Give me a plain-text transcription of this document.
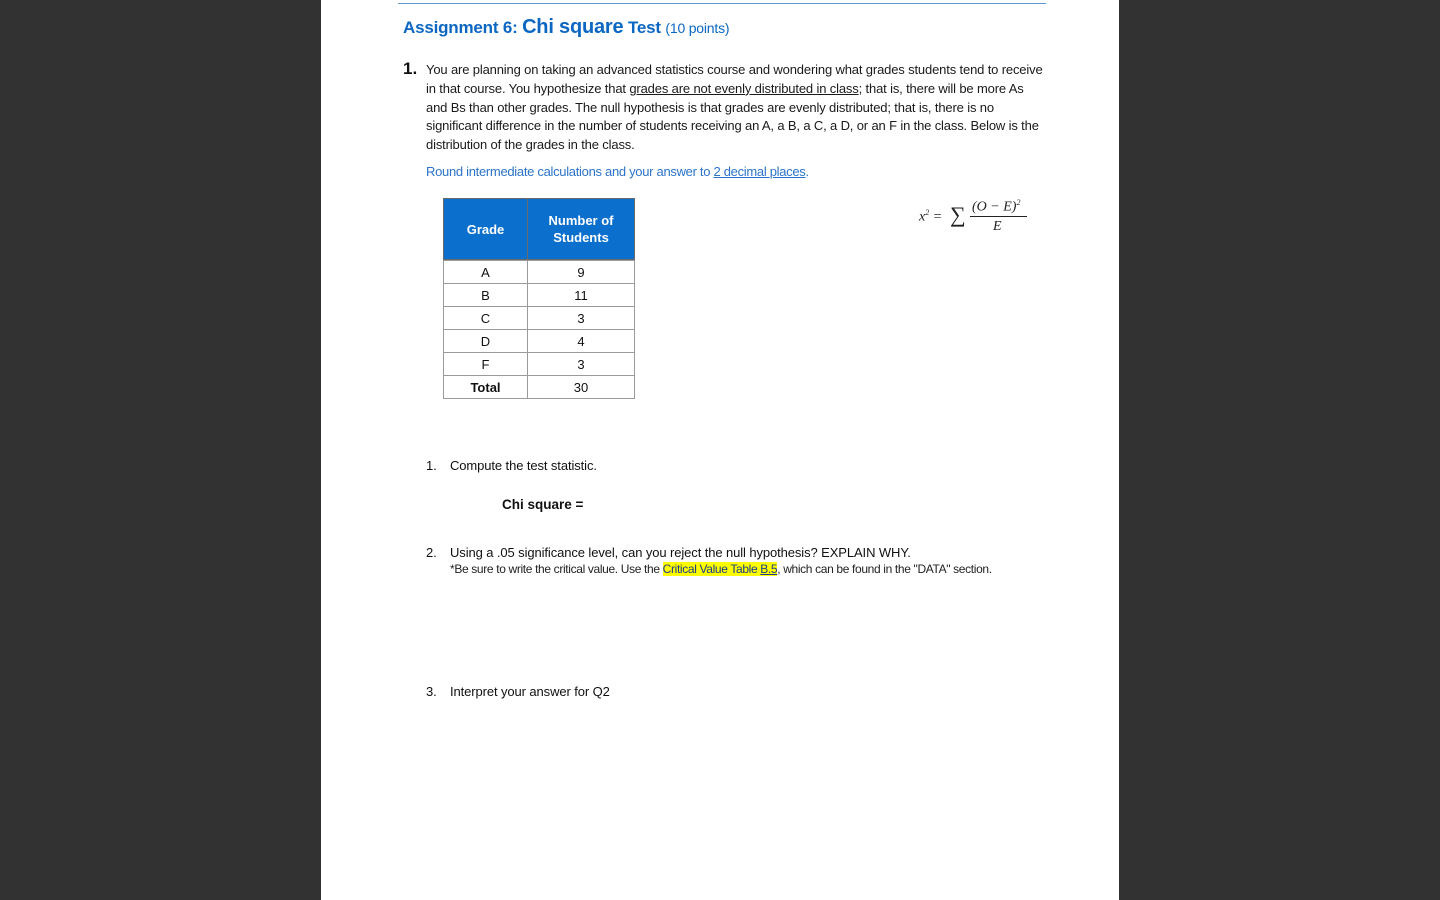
Assignment 6: Chi square Test (10 points)
1. You are planning on taking an advanced statistics course and wondering what grades students tend to receive in that course. You hypothesize that grades are not evenly distributed in class; that is, there will be more As and Bs than other grades. The null hypothesis is that grades are evenly distributed; that is, there is no significant difference in the number of students receiving an A, a B, a C, a D, or an F in the class. Below is the distribution of the grades in the class.
Round intermediate calculations and your answer to 2 decimal places.
Grade	Number of Students

A	9
B	11
C	3
D	4
F	3
Total	30
$x^2$ = ∑ $(O - E)^2$
E
1. Compute the test statistic.
Chi square =
2. Using a .05 significance level, can you reject the null hypothesis? EXPLAIN WHY.
*Be sure to write the critical value. Use the Critical Value Table B.5, which can be found in the "DATA" section.
3. Interpret your answer for Q2
